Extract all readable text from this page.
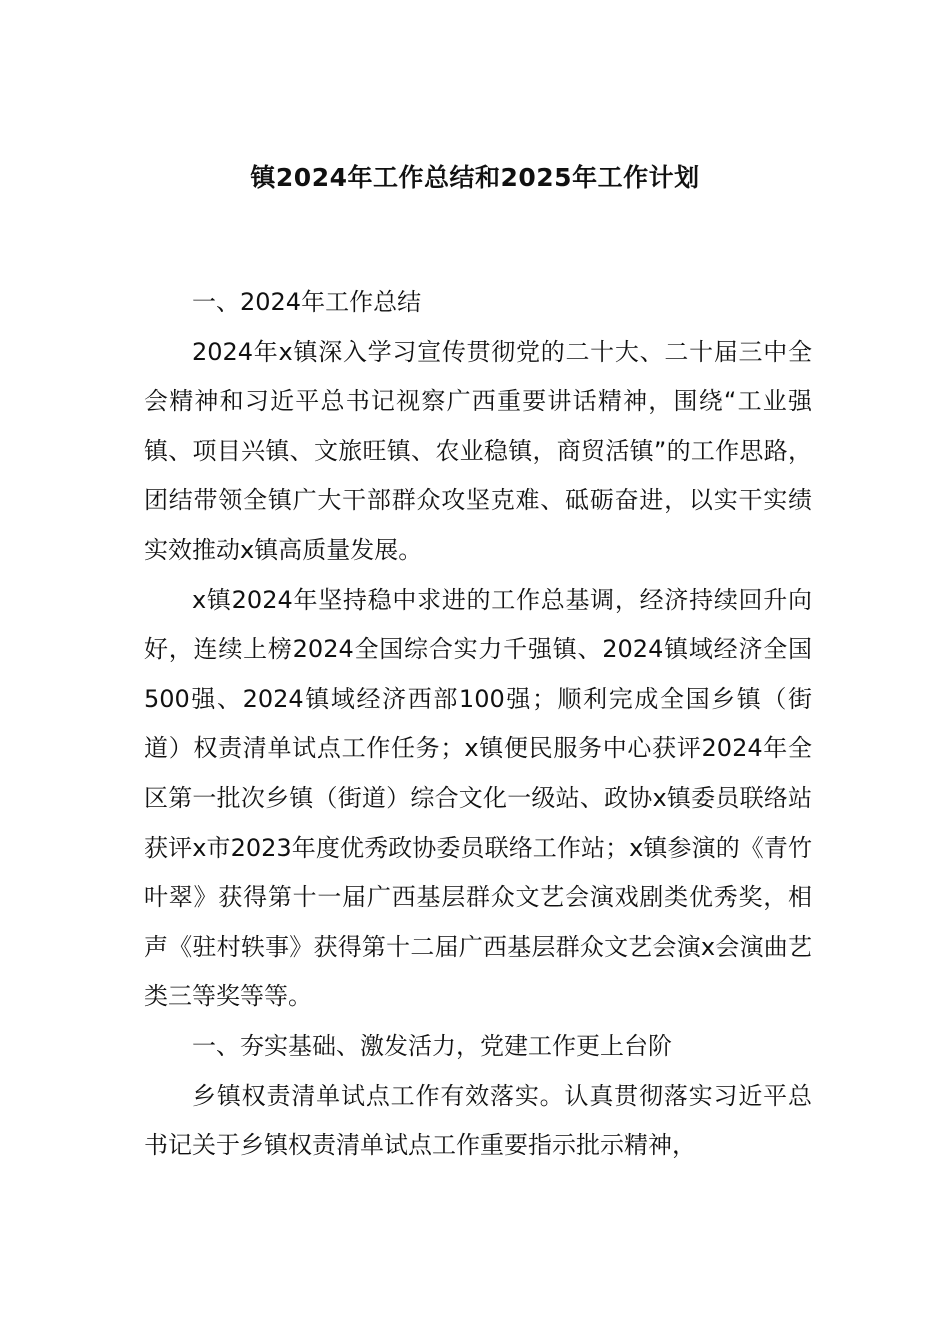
镇2024年工作总结和2025年工作计划

一、2024年工作总结

2024年x镇深入学习宣传贯彻党的二十大、二十届三中全会精神和习近平总书记视察广西重要讲话精神，围绕“工业强镇、项目兴镇、文旅旺镇、农业稳镇，商贸活镇”的工作思路，团结带领全镇广大干部群众攻坚克难、砥砺奋进，以实干实绩实效推动x镇高质量发展。

x镇2024年坚持稳中求进的工作总基调，经济持续回升向好，连续上榜2024全国综合实力千强镇、2024镇域经济全国500强、2024镇域经济西部100强；顺利完成全国乡镇（街道）权责清单试点工作任务；x镇便民服务中心获评2024年全区第一批次乡镇（街道）综合文化一级站、政协x镇委员联络站获评x市2023年度优秀政协委员联络工作站；x镇参演的《青竹叶翠》获得第十一届广西基层群众文艺会演戏剧类优秀奖，相声《驻村轶事》获得第十二届广西基层群众文艺会演x会演曲艺类三等奖等等。

一、夯实基础、激发活力，党建工作更上台阶

乡镇权责清单试点工作有效落实。认真贯彻落实习近平总书记关于乡镇权责清单试点工作重要指示批示精神，
